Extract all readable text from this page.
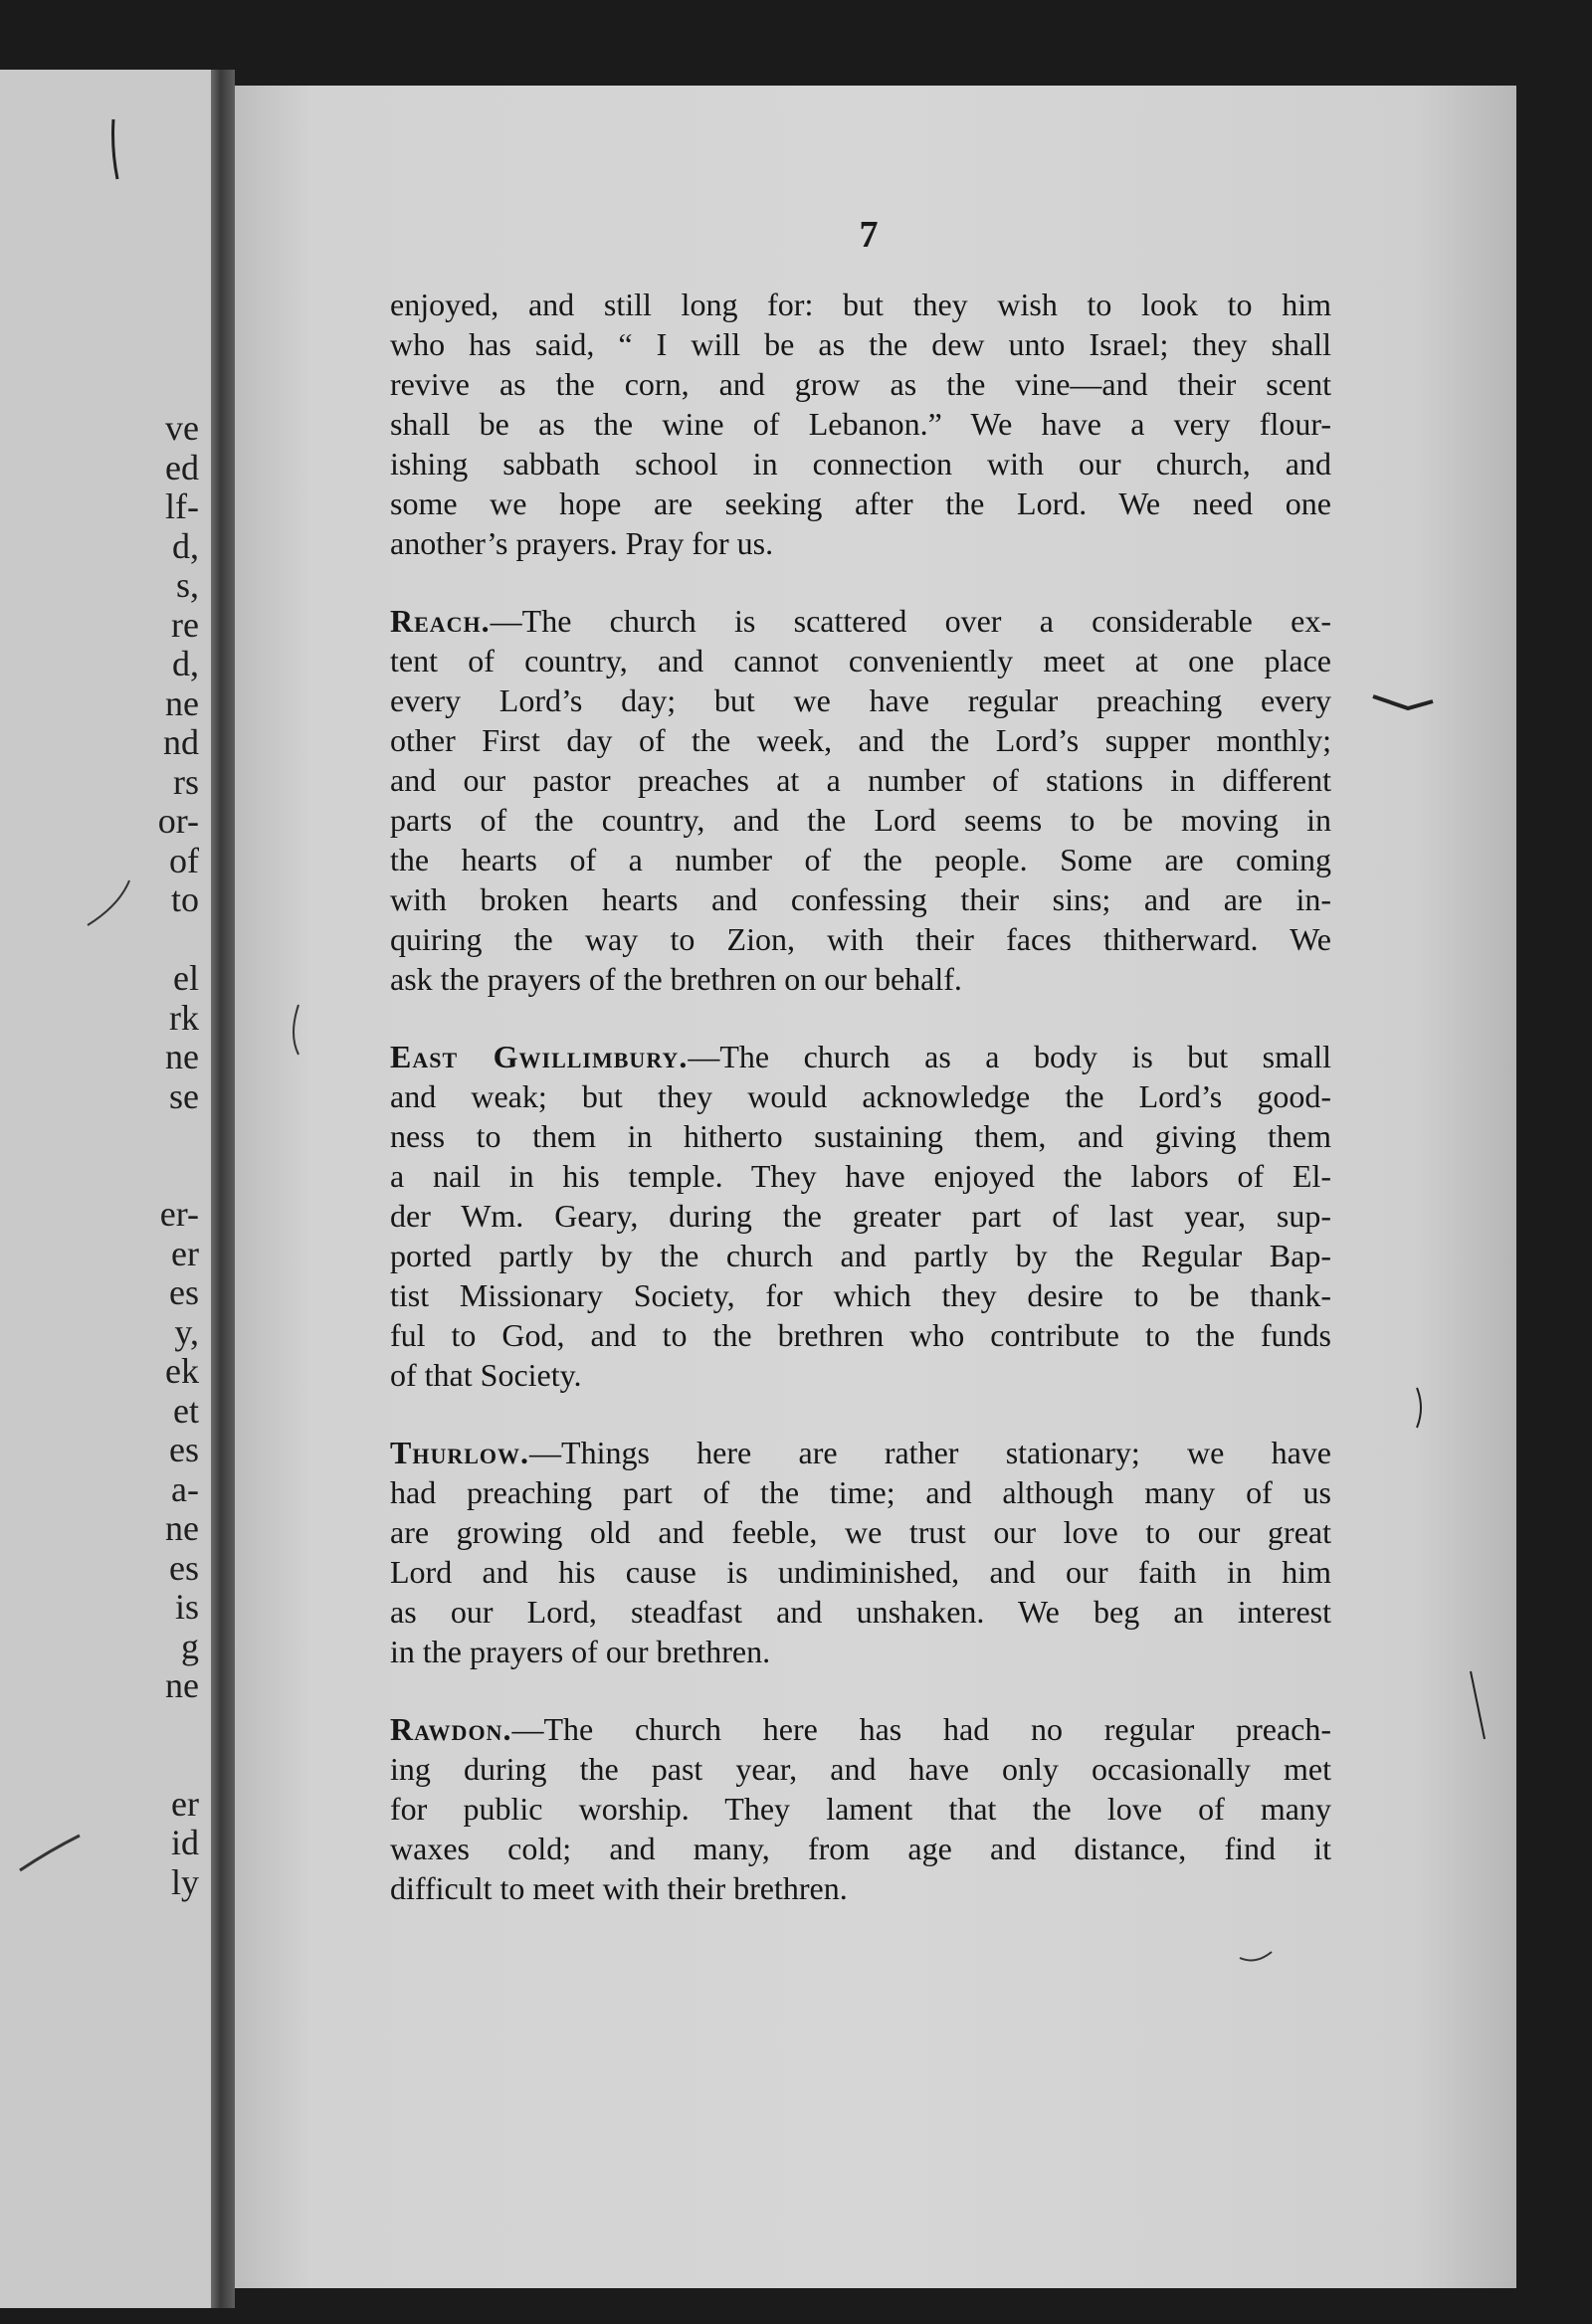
ve
ed
lf-
d,
s,
re
d,
ne
nd
rs
or-
of
to
el
rk
ne
se
er-
er
es
y,
ek
et
es
a-
ne
es
is
g
ne
er
id
ly
7
enjoyed, and still long for: but they wish to look to him
who has said, “ I will be as the dew unto Israel; they shall
revive as the corn, and grow as the vine—and their scent
shall be as the wine of Lebanon.” We have a very flour-
ishing sabbath school in connection with our church, and
some we hope are seeking after the Lord. We need one
another’s prayers. Pray for us.
Reach.—The church is scattered over a considerable ex-
tent of country, and cannot conveniently meet at one place
every Lord’s day; but we have regular preaching every
other First day of the week, and the Lord’s supper monthly;
and our pastor preaches at a number of stations in different
parts of the country, and the Lord seems to be moving in
the hearts of a number of the people. Some are coming
with broken hearts and confessing their sins; and are in-
quiring the way to Zion, with their faces thitherward. We
ask the prayers of the brethren on our behalf.
East Gwillimbury.—The church as a body is but small
and weak; but they would acknowledge the Lord’s good-
ness to them in hitherto sustaining them, and giving them
a nail in his temple. They have enjoyed the labors of El-
der Wm. Geary, during the greater part of last year, sup-
ported partly by the church and partly by the Regular Bap-
tist Missionary Society, for which they desire to be thank-
ful to God, and to the brethren who contribute to the funds
of that Society.
Thurlow.—Things here are rather stationary; we have
had preaching part of the time; and although many of us
are growing old and feeble, we trust our love to our great
Lord and his cause is undiminished, and our faith in him
as our Lord, steadfast and unshaken. We beg an interest
in the prayers of our brethren.
Rawdon.—The church here has had no regular preach-
ing during the past year, and have only occasionally met
for public worship. They lament that the love of many
waxes cold; and many, from age and distance, find it
difficult to meet with their brethren.
